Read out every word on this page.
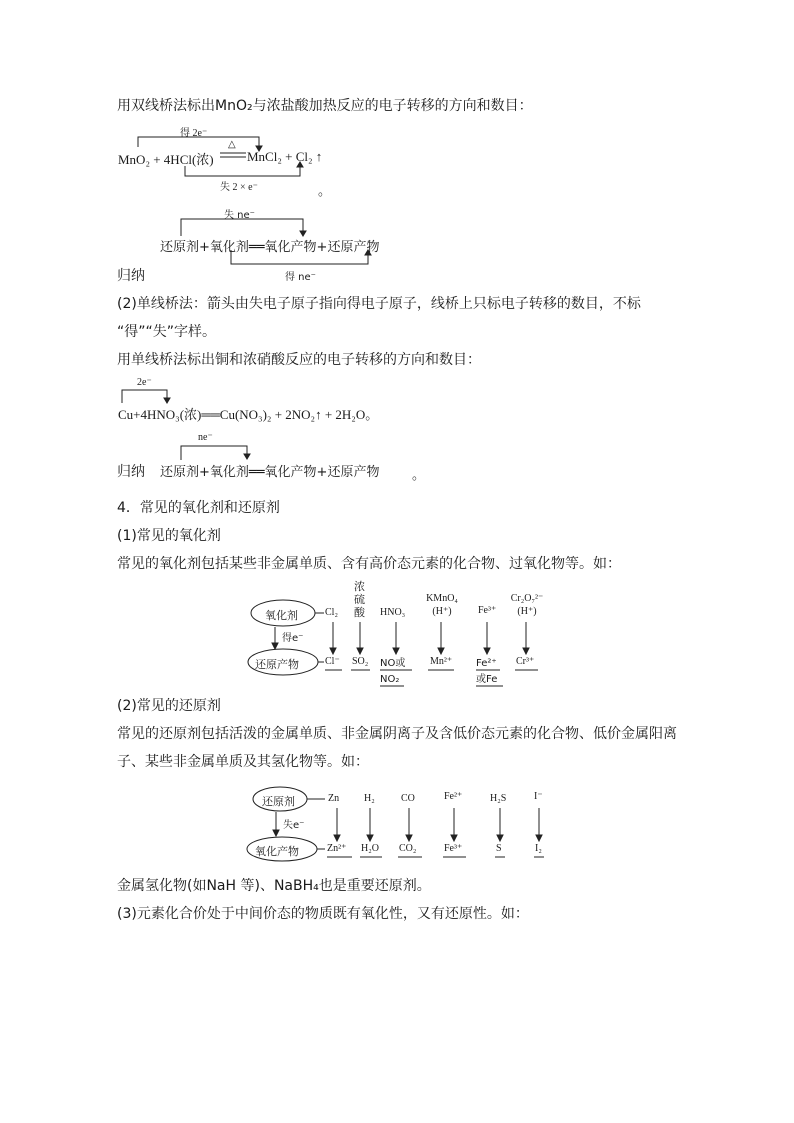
用双线桥法标出MnO₂与浓盐酸加热反应的电子转移的方向和数目：
得 2e⁻
MnO₂ + 4HCl(浓)
△
MnCl₂ + Cl₂ ↑
失 2 × e⁻	。
失 ne⁻
还原剂+氧化剂══氧化产物+还原产物
得 ne⁻
归纳
(2)单线桥法：箭头由失电子原子指向得电子原子，线桥上只标电子转移的数目，不标
“得”“失”字样。
用单线桥法标出铜和浓硝酸反应的电子转移的方向和数目：
2e⁻
Cu+4HNO₃(浓)══Cu(NO₃)₂ + 2NO₂↑ + 2H₂O。
ne⁻
归纳 还原剂+氧化剂══氧化产物+还原产物	。
4．常见的氧化剂和还原剂
(1)常见的氧化剂
常见的氧化剂包括某些非金属单质、含有高价态元素的化合物、过氧化物等。如：
氧化剂
还原产物
得e⁻
Cl₂
浓硫酸 HNO₃
KMnO₄ (H⁺)	Fe³⁺
Cr₂O₇²⁻ (H⁺)
Cl⁻ SO₂ NO或NO₂
Mn²⁺ Fe²⁺或Fe
Cr³⁺
(2)常见的还原剂
常见的还原剂包括活泼的金属单质、非金属阴离子及含低价态元素的化合物、低价金属阳离
子、某些非金属单质及其氢化物等。如：
还原剂
氧化产物
失e⁻
Zn H₂	CO	Fe²⁺	H₂S	I⁻
Zn²⁺ H₂O CO₂	Fe³⁺	S	I₂
金属氢化物(如NaH 等)、NaBH₄也是重要还原剂。
(3)元素化合价处于中间价态的物质既有氧化性，又有还原性。如：
